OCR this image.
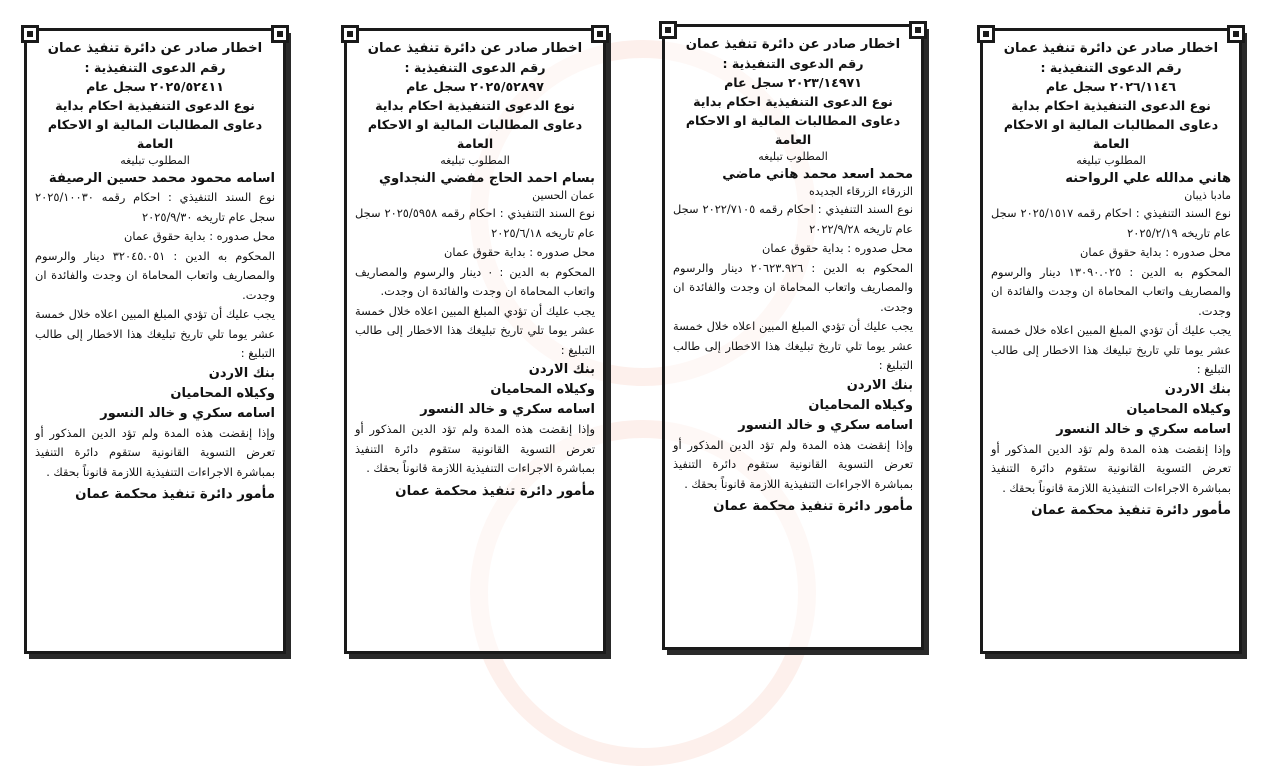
اخطار صادر عن دائرة تنفيذ عمان
رقم الدعوى التنفيذية :
٢٠٢٦/١١٤٦ سجل عام
نوع الدعوى التنفيذية احكام بداية دعاوى المطالبات المالية او الاحكام العامة
المطلوب تبليغه
هاني مدالله علي الرواحنه
مادبا ذيبان
نوع السند التنفيذي : احكام رقمه ٢٠٢٥/١٥١٧ سجل عام تاريخه ٢٠٢٥/٢/١٩
محل صدوره : بداية حقوق عمان
المحكوم به الدين : ١٣٠٩٠.٠٢٥ دينار والرسوم والمصاريف واتعاب المحاماة ان وجدت والفائدة ان وجدت.
يجب عليك أن تؤدي المبلغ المبين اعلاه خلال خمسة عشر يوما تلي تاريخ تبليغك هذا الاخطار إلى طالب التبليغ :
بنك الاردن
وكيلاه المحاميان
اسامه سكري و خالد النسور
وإذا إنقضت هذه المدة ولم تؤد الدين المذكور أو تعرض التسوية القانونية ستقوم دائرة التنفيذ بمباشرة الاجراءات التنفيذية اللازمة قانوناً بحقك .
مأمور دائرة تنفيذ محكمة عمان
اخطار صادر عن دائرة تنفيذ عمان
رقم الدعوى التنفيذية :
٢٠٢٣/١٤٩٧١ سجل عام
نوع الدعوى التنفيذية احكام بداية دعاوى المطالبات المالية او الاحكام العامة
المطلوب تبليغه
محمد اسعد محمد هاني ماضي
الزرقاء الزرقاء الجديده
نوع السند التنفيذي : احكام رقمه ٢٠٢٢/٧١٠٥ سجل عام تاريخه ٢٠٢٢/٩/٢٨
محل صدوره : بداية حقوق عمان
المحكوم به الدين : ٢٠٦٢٣.٩٢٦ دينار والرسوم والمصاريف واتعاب المحاماة ان وجدت والفائدة ان وجدت.
يجب عليك أن تؤدي المبلغ المبين اعلاه خلال خمسة عشر يوما تلي تاريخ تبليغك هذا الاخطار إلى طالب التبليغ :
بنك الاردن
وكيلاه المحاميان
اسامه سكري و خالد النسور
وإذا إنقضت هذه المدة ولم تؤد الدين المذكور أو تعرض التسوية القانونية ستقوم دائرة التنفيذ بمباشرة الاجراءات التنفيذية اللازمة قانوناً بحقك .
مأمور دائرة تنفيذ محكمة عمان
اخطار صادر عن دائرة تنفيذ عمان
رقم الدعوى التنفيذية :
٢٠٢٥/٥٢٨٩٧ سجل عام
نوع الدعوى التنفيذية احكام بداية دعاوى المطالبات المالية او الاحكام العامة
المطلوب تبليغه
بسام احمد الحاج مفضي النجداوي
عمان الحسين
نوع السند التنفيذي : احكام رقمه ٢٠٢٥/٥٩٥٨ سجل عام تاريخه ٢٠٢٥/٦/١٨
محل صدوره : بداية حقوق عمان
المحكوم به الدين : ٠ دينار والرسوم والمصاريف واتعاب المحاماة ان وجدت والفائدة ان وجدت.
يجب عليك أن تؤدي المبلغ المبين اعلاه خلال خمسة عشر يوما تلي تاريخ تبليغك هذا الاخطار إلى طالب التبليغ :
بنك الاردن
وكيلاه المحاميان
اسامه سكري و خالد النسور
وإذا إنقضت هذه المدة ولم تؤد الدين المذكور أو تعرض التسوية القانونية ستقوم دائرة التنفيذ بمباشرة الاجراءات التنفيذية اللازمة قانوناً بحقك .
مأمور دائرة تنفيذ محكمة عمان
اخطار صادر عن دائرة تنفيذ عمان
رقم الدعوى التنفيذية :
٢٠٢٥/٥٢٤١١ سجل عام
نوع الدعوى التنفيذية احكام بداية دعاوى المطالبات المالية او الاحكام العامة
المطلوب تبليغه
اسامه محمود محمد حسين الرصيفة
نوع السند التنفيذي : احكام رقمه ٢٠٢٥/١٠٠٣٠ سجل عام تاريخه ٢٠٢٥/٩/٣٠
محل صدوره : بداية حقوق عمان
المحكوم به الدين : ٣٢٠٤٥.٠٥١ دينار والرسوم والمصاريف واتعاب المحاماة ان وجدت والفائدة ان وجدت.
يجب عليك أن تؤدي المبلغ المبين اعلاه خلال خمسة عشر يوما تلي تاريخ تبليغك هذا الاخطار إلى طالب التبليغ :
بنك الاردن
وكيلاه المحاميان
اسامه سكري و خالد النسور
وإذا إنقضت هذه المدة ولم تؤد الدين المذكور أو تعرض التسوية القانونية ستقوم دائرة التنفيذ بمباشرة الاجراءات التنفيذية اللازمة قانوناً بحقك .
مأمور دائرة تنفيذ محكمة عمان
